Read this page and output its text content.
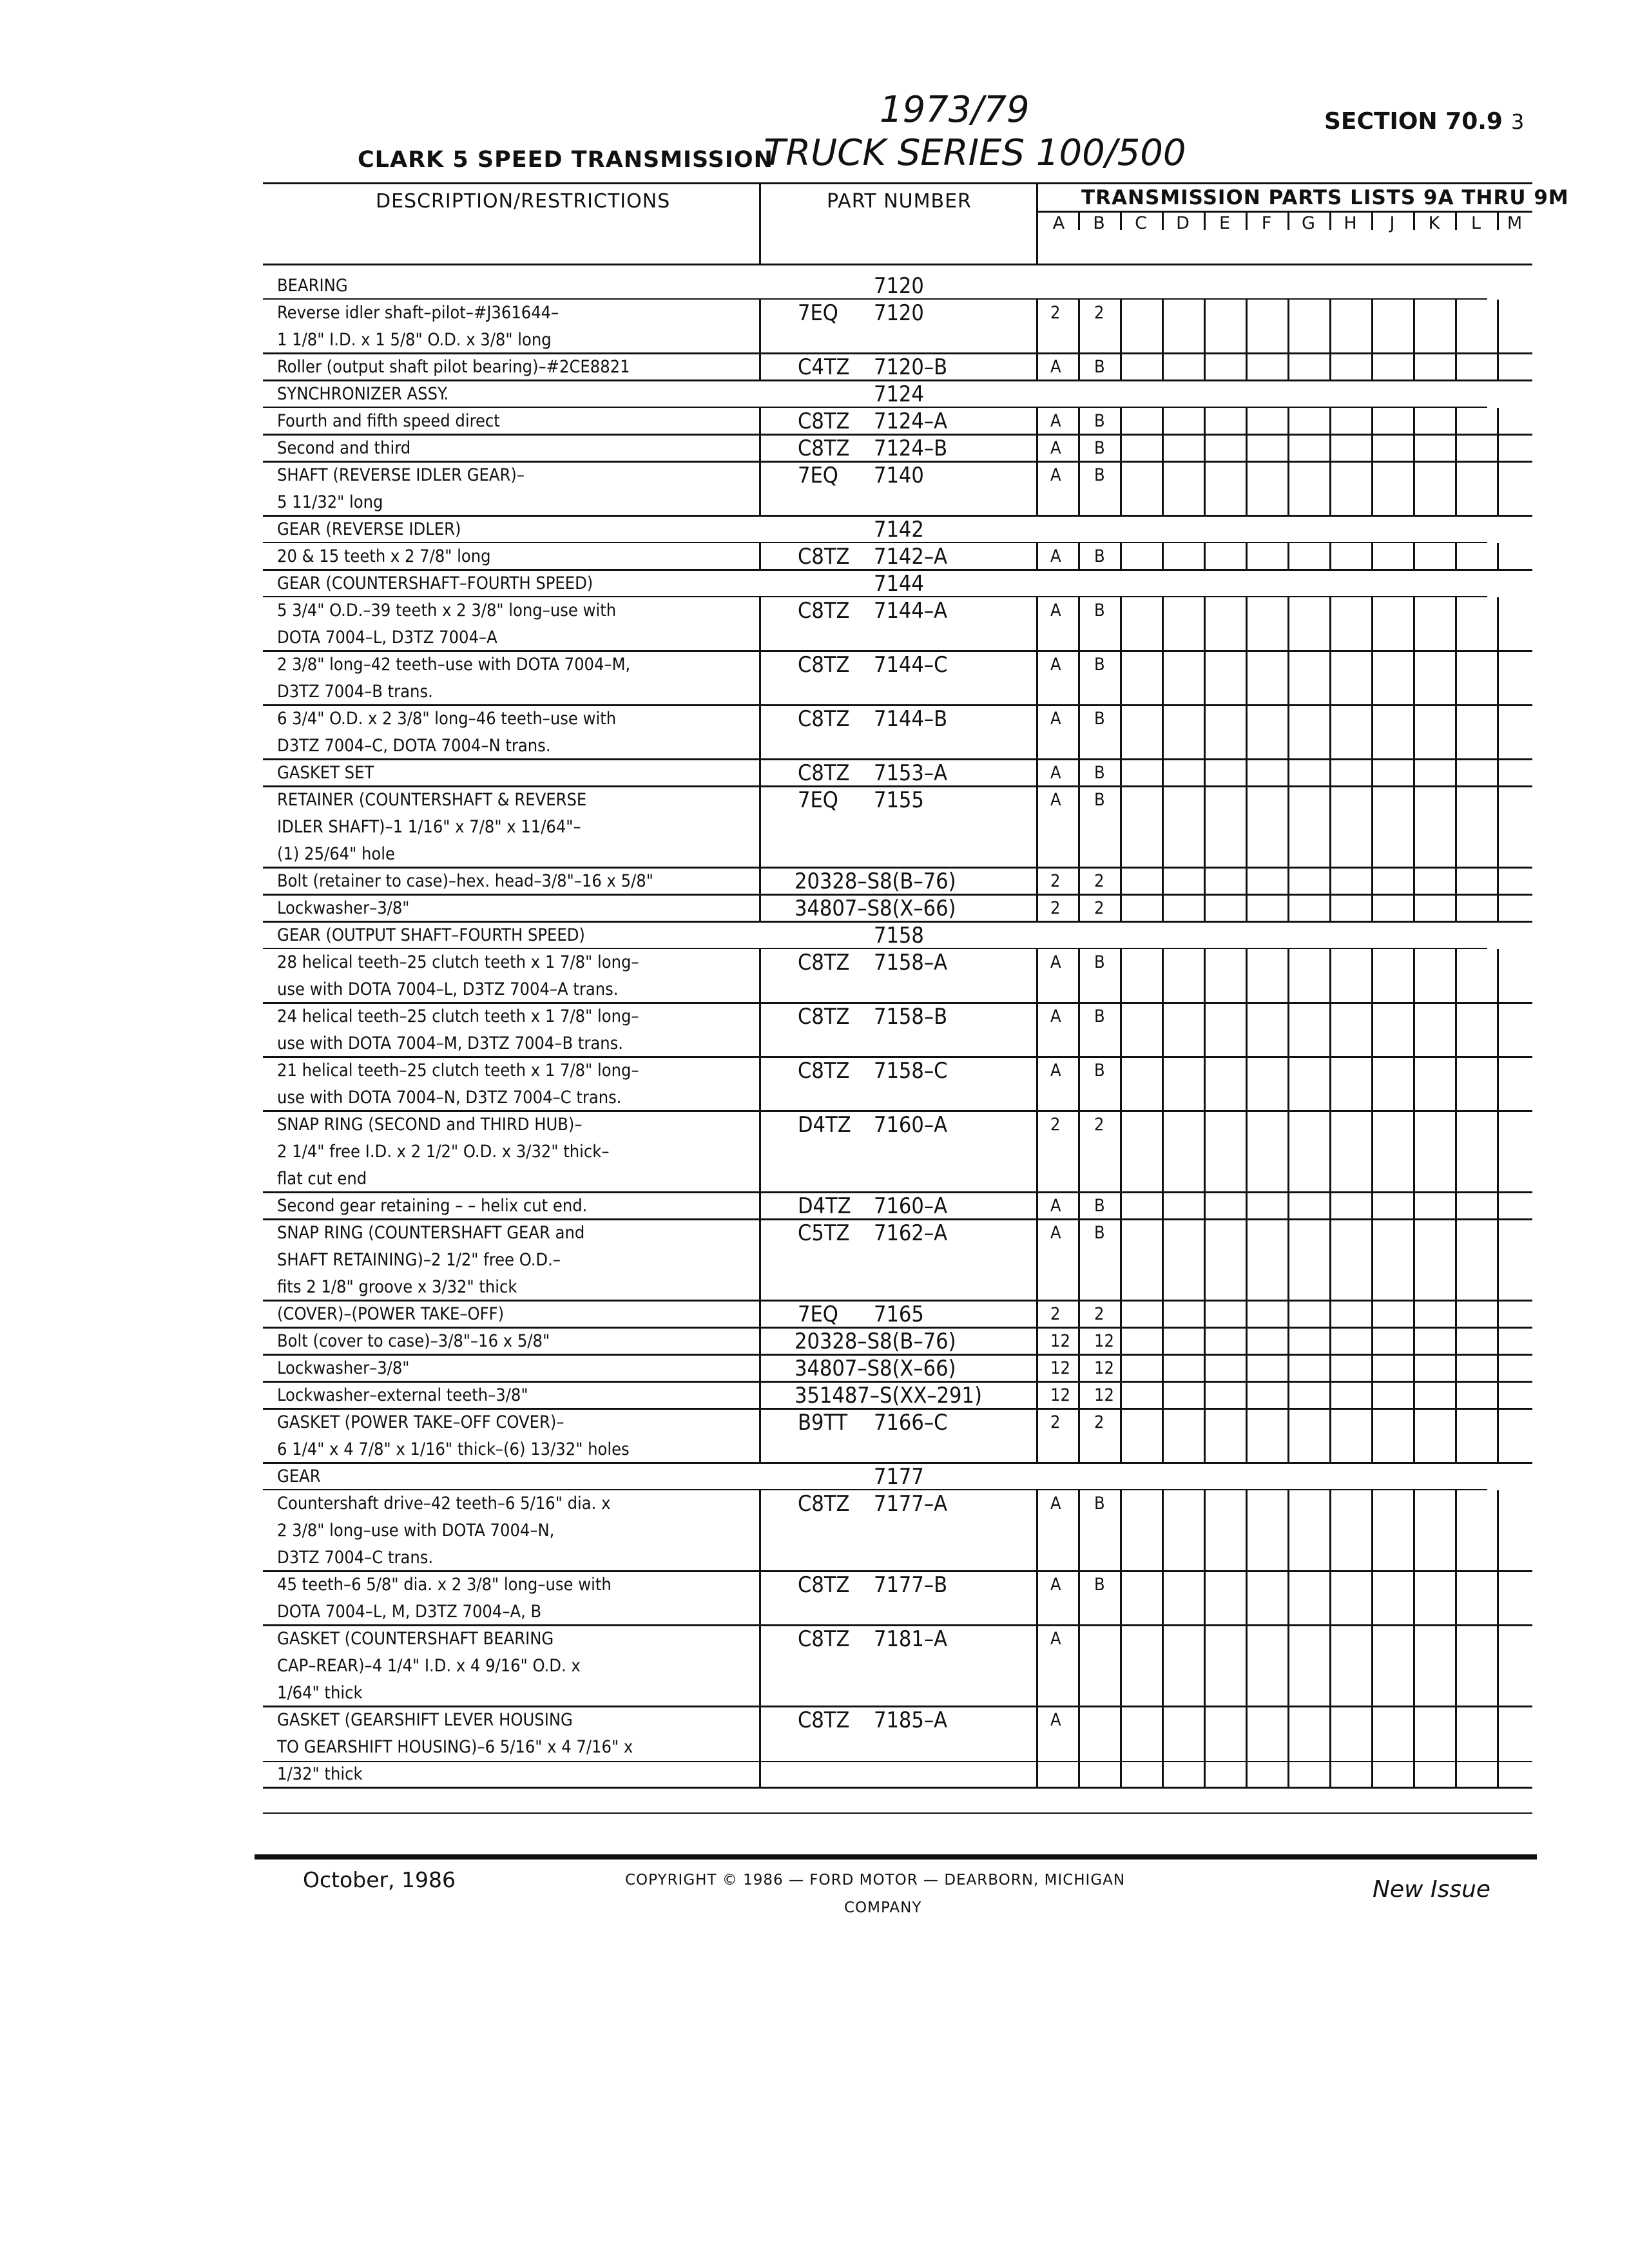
CLARK 5 SPEED TRANSMISSION
1973/79
TRUCK SERIES 100/500
SECTION 70.9 3
DESCRIPTION/RESTRICTIONS	PART NUMBER	TRANSMISSION PARTS LISTS 9A THRU 9M
A	B	C	D	E	F	G	H	J	K	L	M
BEARING	7120
Reverse idler shaft–pilot–#J361644–
1 1/8" I.D. x 1 5/8" O.D. x 3/8" long
7EQ 7120	2	2
Roller (output shaft pilot bearing)–#2CE8821	C4TZ 7120–B	A	B
SYNCHRONIZER ASSY.	7124
Fourth and fifth speed direct	C8TZ 7124–A	A	B
Second and third	C8TZ 7124–B	A	B
SHAFT (REVERSE IDLER GEAR)–
5 11/32" long
7EQ 7140	A	B
GEAR (REVERSE IDLER)	7142
20 & 15 teeth x 2 7/8" long	C8TZ 7142–A	A	B
GEAR (COUNTERSHAFT–FOURTH SPEED)	7144
5 3/4" O.D.–39 teeth x 2 3/8" long–use with
DOTA 7004–L, D3TZ 7004–A
C8TZ 7144–A	A	B
2 3/8" long–42 teeth–use with DOTA 7004–M,
D3TZ 7004–B trans.
C8TZ 7144–C	A	B
6 3/4" O.D. x 2 3/8" long–46 teeth–use with
D3TZ 7004–C, DOTA 7004–N trans.
C8TZ 7144–B	A	B
GASKET SET	C8TZ 7153–A	A	B
RETAINER (COUNTERSHAFT & REVERSE
IDLER SHAFT)–1 1/16" x 7/8" x 11/64"–
(1) 25/64" hole
7EQ 7155	A	B
Bolt (retainer to case)–hex. head–3/8"–16 x 5/8"	20328–S8(B–76)	2	2
Lockwasher–3/8"	34807–S8(X–66)	2	2
GEAR (OUTPUT SHAFT–FOURTH SPEED)	7158
28 helical teeth–25 clutch teeth x 1 7/8" long–
use with DOTA 7004–L, D3TZ 7004–A trans.
C8TZ 7158–A	A	B
24 helical teeth–25 clutch teeth x 1 7/8" long–
use with DOTA 7004–M, D3TZ 7004–B trans.
C8TZ 7158–B	A	B
21 helical teeth–25 clutch teeth x 1 7/8" long–
use with DOTA 7004–N, D3TZ 7004–C trans.
C8TZ 7158–C	A	B
SNAP RING (SECOND and THIRD HUB)–
2 1/4" free I.D. x 2 1/2" O.D. x 3/32" thick–
flat cut end
D4TZ 7160–A	2	2
Second gear retaining – – helix cut end.	D4TZ 7160–A	A	B
SNAP RING (COUNTERSHAFT GEAR and
SHAFT RETAINING)–2 1/2" free O.D.–
fits 2 1/8" groove x 3/32" thick
C5TZ 7162–A	A	B
(COVER)–(POWER TAKE–OFF)	7EQ 7165	2	2
Bolt (cover to case)–3/8"–16 x 5/8"	20328–S8(B–76)	12 12
Lockwasher–3/8"	34807–S8(X–66)	12 12
Lockwasher–external teeth–3/8"	351487–S(XX–291)	12 12
GASKET (POWER TAKE–OFF COVER)–
6 1/4" x 4 7/8" x 1/16" thick–(6) 13/32" holes
B9TT 7166–C	2	2
GEAR	7177
Countershaft drive–42 teeth–6 5/16" dia. x
2 3/8" long–use with DOTA 7004–N,
D3TZ 7004–C trans.
C8TZ 7177–A	A	B
45 teeth–6 5/8" dia. x 2 3/8" long–use with
DOTA 7004–L, M, D3TZ 7004–A, B
C8TZ 7177–B	A	B
GASKET (COUNTERSHAFT BEARING
CAP–REAR)–4 1/4" I.D. x 4 9/16" O.D. x
1/64" thick
C8TZ 7181–A	A
GASKET (GEARSHIFT LEVER HOUSING
TO GEARSHIFT HOUSING)–6 5/16" x 4 7/16" x
1/32" thick
C8TZ 7185–A	A
October, 1986	COPYRIGHT © 1986 — FORD MOTOR — DEARBORN, MICHIGAN
COMPANY
New Issue
